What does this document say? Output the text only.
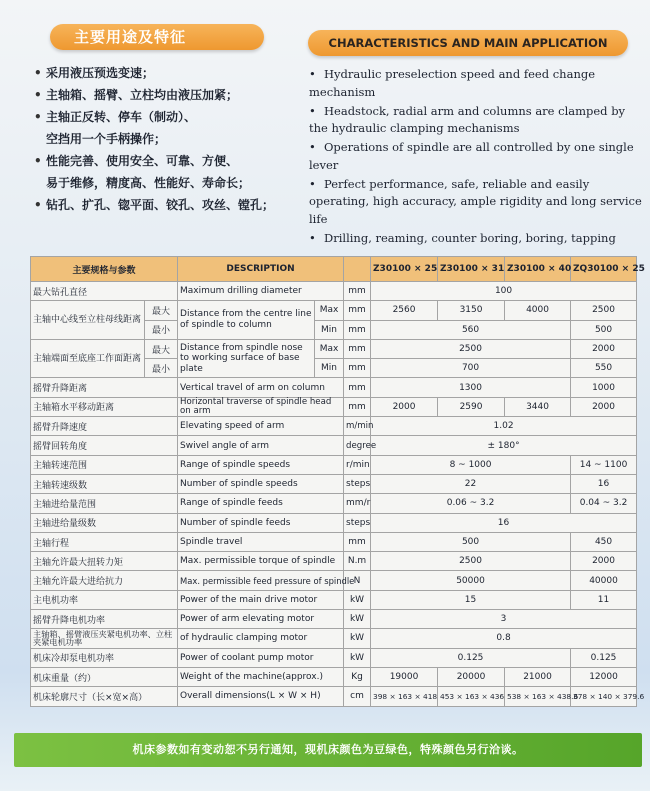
主要用途及特征	CHARACTERISTICS AND MAIN APPLICATION
• 采用液压预选变速；
• 主轴箱、摇臂、立柱均由液压加紧；
• 主轴正反转、停车（制动）、
空挡用一个手柄操作；
• 性能完善、使用安全、可靠、方便、
易于维修，精度高、性能好、寿命长；
• 钻孔、扩孔、锪平面、铰孔、攻丝、镗孔；
• Hydraulic preselection speed and feed change mechanism
• Headstock, radial arm and columns are clamped by the hydraulic clamping mechanisms
• Operations of spindle are all controlled by one single lever
• Perfect performance, safe, reliable and easily operating, high accuracy, ample rigidity and long service life
• Drilling, reaming, counter boring, boring, tapping
主要规格与参数		DESCRIPTION			Z30100 × 25	Z30100 × 31	Z30100 × 40	ZQ30100 × 25
最大钻孔直径		Maximum drilling diameter		mm	100			
主轴中心线至立柱母线距离	最大	Distance from the centre line of spindle to column	Max	mm	2560	3150	4000	2500
	最小		Min	mm	560			500
主轴端面至底座工作面距离	最大	Distance from spindle nose to working surface of base plate	Max	mm	2500			2000
	最小		Min	mm	700			550
摇臂升降距离		Vertical travel of arm on column		mm	1300			1000
主轴箱水平移动距离		Horizontal traverse of spindle head on arm		mm	2000	2590	3440	2000
摇臂升降速度		Elevating speed of arm		m/min	1.02			
摇臂回转角度		Swivel angle of arm		degree	± 180°			
主轴转速范围		Range of spindle speeds		r/min	8 ~ 1000			14 ~ 1100
主轴转速级数		Number of spindle speeds		steps	22			16
主轴进给量范围		Range of spindle feeds		mm/r	0.06 ~ 3.2			0.04 ~ 3.2
主轴进给量级数		Number of spindle feeds		steps	16			
主轴行程		Spindle travel		mm	500			450
主轴允许最大扭转力矩		Max. permissible torque of spindle		N.m	2500			2000
主轴允许最大进给抗力		Max. permissible feed pressure of spindle		N	50000			40000
主电机功率		Power of the main drive motor		kW	15			11
摇臂升降电机功率		Power of arm elevating motor		kW	3			
主轴箱、摇臂液压夹紧电机功率、立柱夹紧电机功率		of hydraulic clamping motor		kW	0.8			
机床冷却泵电机功率		Power of coolant pump motor		kW	0.125			0.125
机床重量（约）		Weight of the machine(approx.)		Kg	19000	20000	21000	12000
机床轮廓尺寸（长×宽×高）		Overall dimensions(L × W × H)		cm	398 × 163 × 418	453 × 163 × 436	538 × 163 × 438.6	378 × 140 × 379.6
机床参数如有变动恕不另行通知，现机床颜色为豆绿色，特殊颜色另行洽谈。
